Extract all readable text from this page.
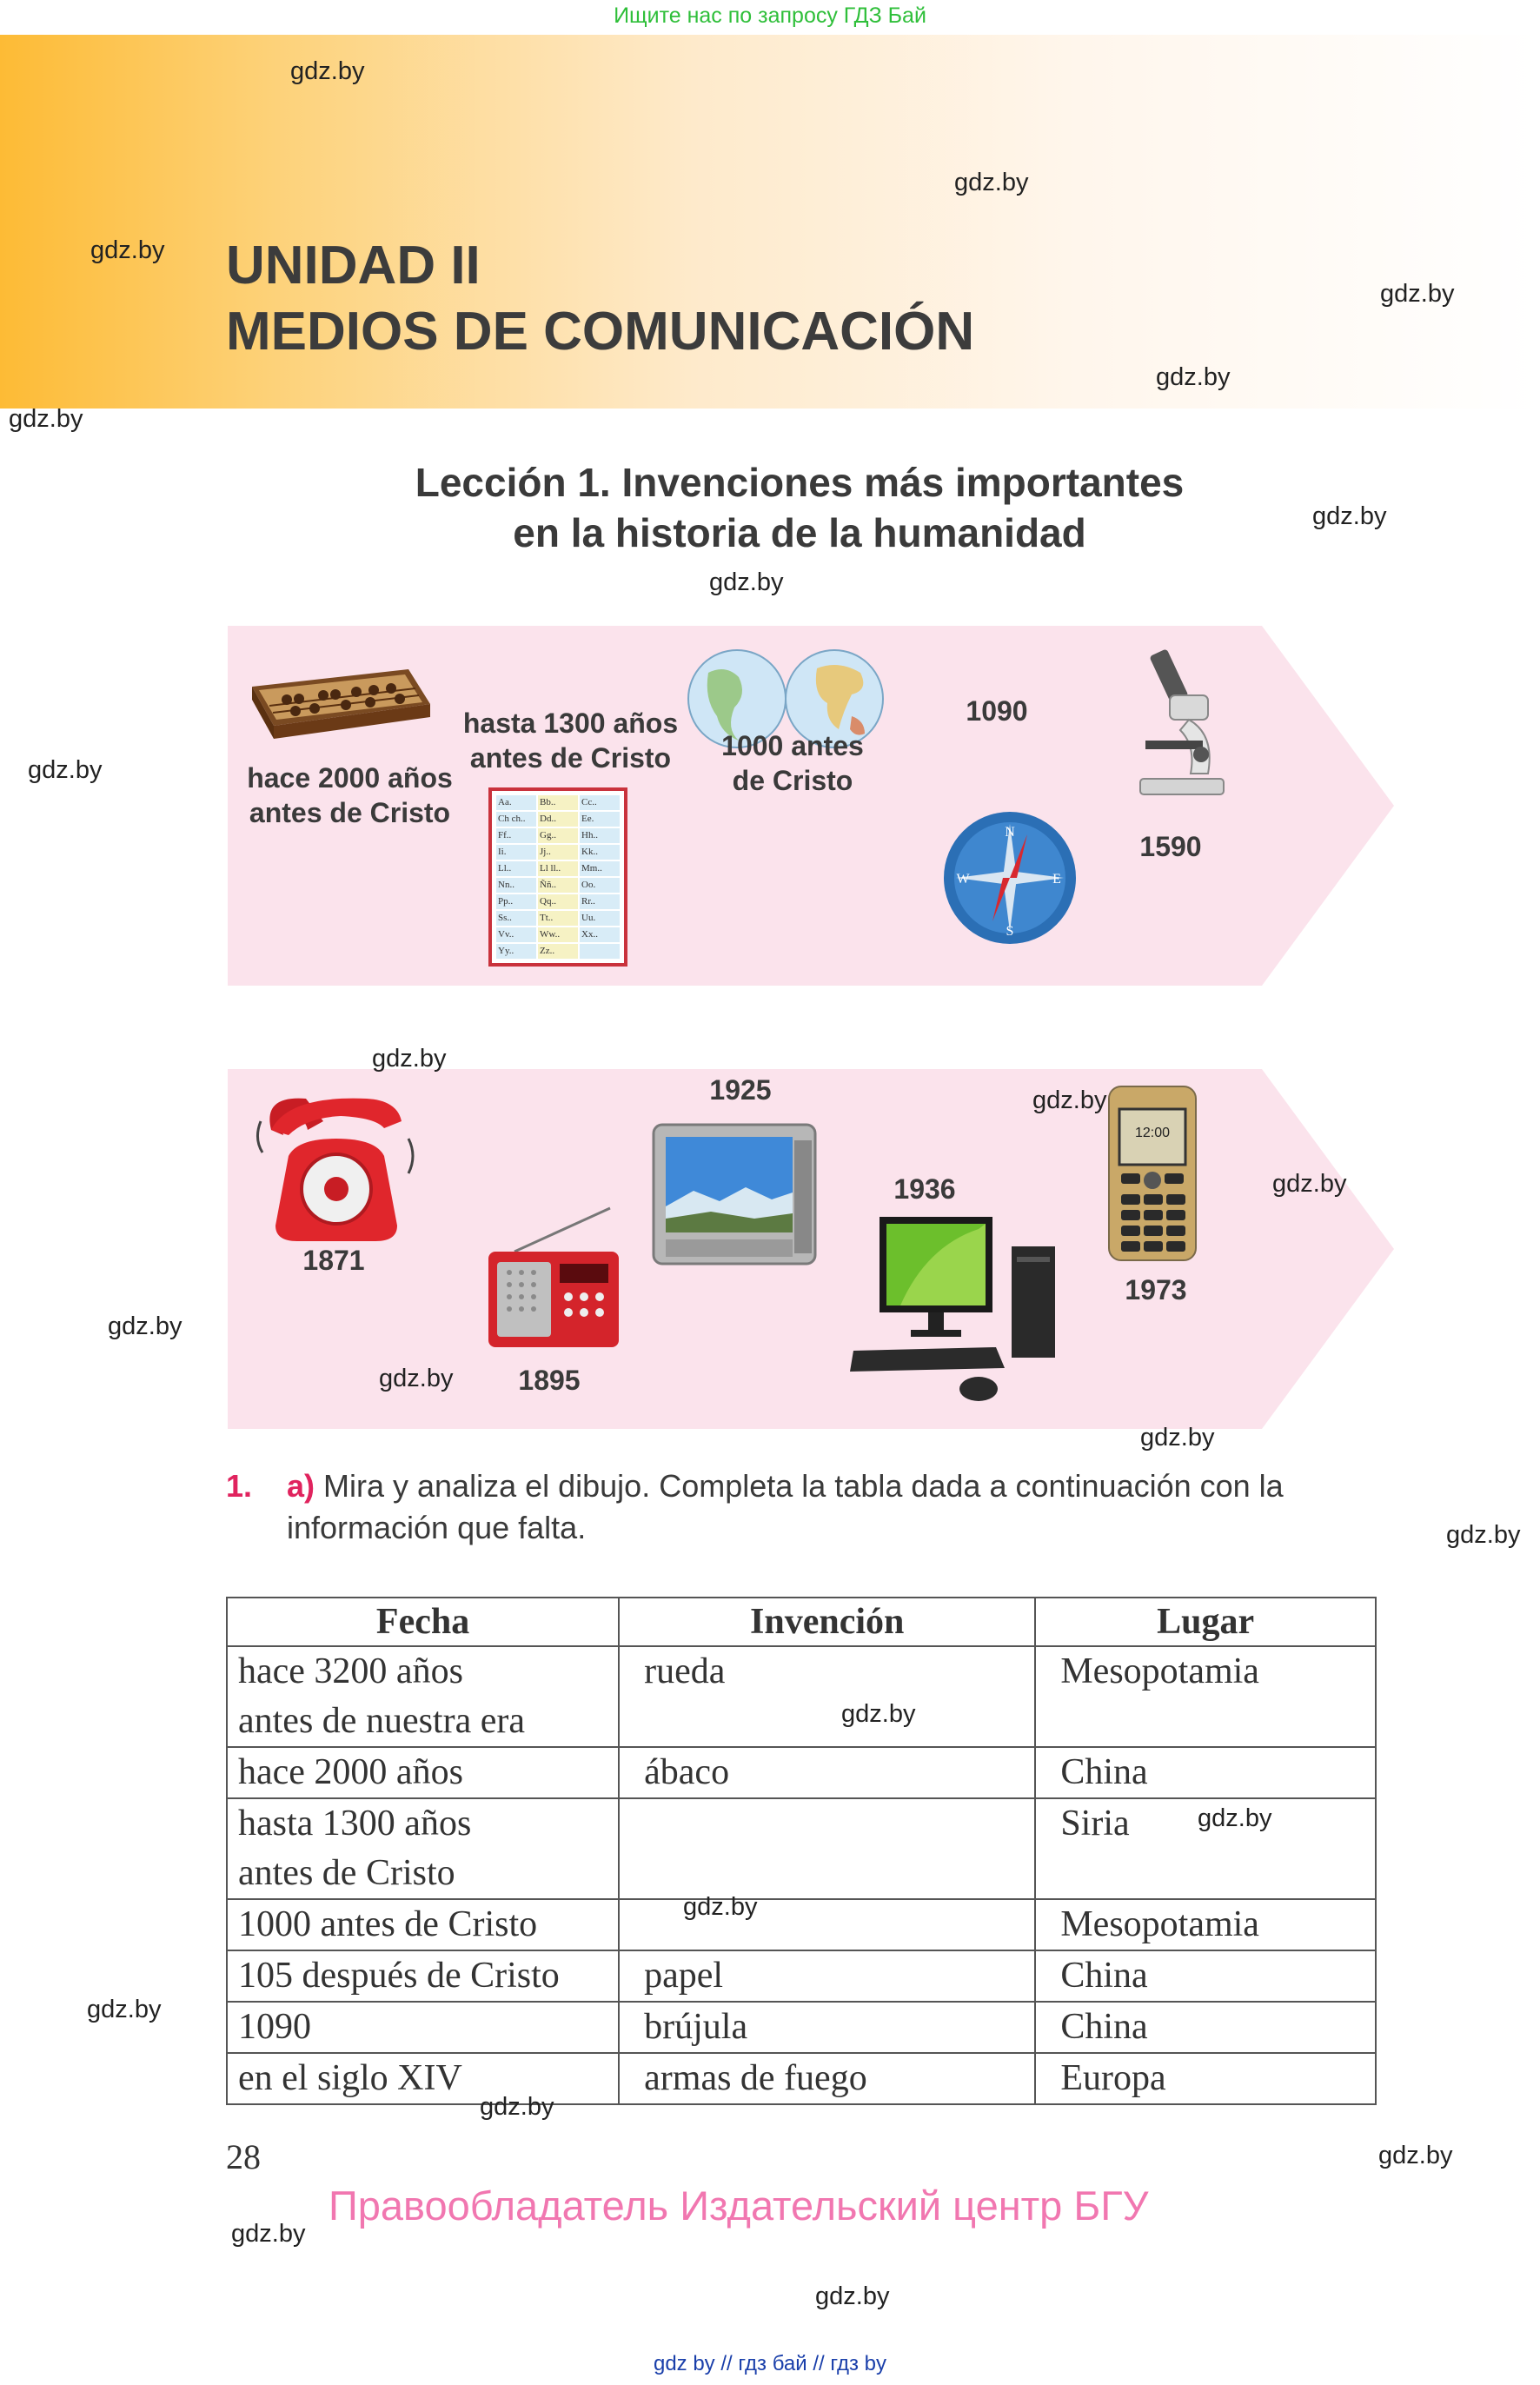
Ищите нас по запросу ГДЗ Бай
UNIDAD II
MEDIOS DE COMUNICACIÓN
Lección 1. Invenciones más importantes
en la historia de la humanidad
hace 2000 años
antes de Cristo
hasta 1300 años
antes de Cristo
Aa.	Bb..	Cc..
Ch ch..	Dd..	Ee.
Ff..	Gg..	Hh..
Ii.	Jj..	Kk..
Ll..	Ll ll..	Mm..
Nn..	Ññ..	Oo.
Pp..	Qq..	Rr..
Ss..	Tt..	Uu.
Vv..	Ww..	Xx..
Yy..	Zz..
1000 antes
de Cristo
1090
N
E
S
W
1590
1871
1895
1925
1936
12:00
1973
1. a) Mira y analiza el dibujo. Completa la tabla dada a continuación con la información que falta.
Fecha	Invención	Lugar

hace 3200 años
antes de nuestra era	rueda	Mesopotamia

hace 2000 años	ábaco	China

hasta 1300 años
antes de Cristo		Siria

1000 antes de Cristo		Mesopotamia

105 después de Cristo	papel	China

1090	brújula	China

en el siglo XIV	armas de fuego	Europa
28
Правообладатель Издательский центр БГУ
gdz by // гдз бай // гдз by
gdz.by
gdz.by
gdz.by
gdz.by
gdz.by
gdz.by
gdz.by
gdz.by
gdz.by
gdz.by
gdz.by
gdz.by
gdz.by
gdz.by
gdz.by
gdz.by
gdz.by
gdz.by
gdz.by
gdz.by
gdz.by
gdz.by
gdz.by
gdz.by
